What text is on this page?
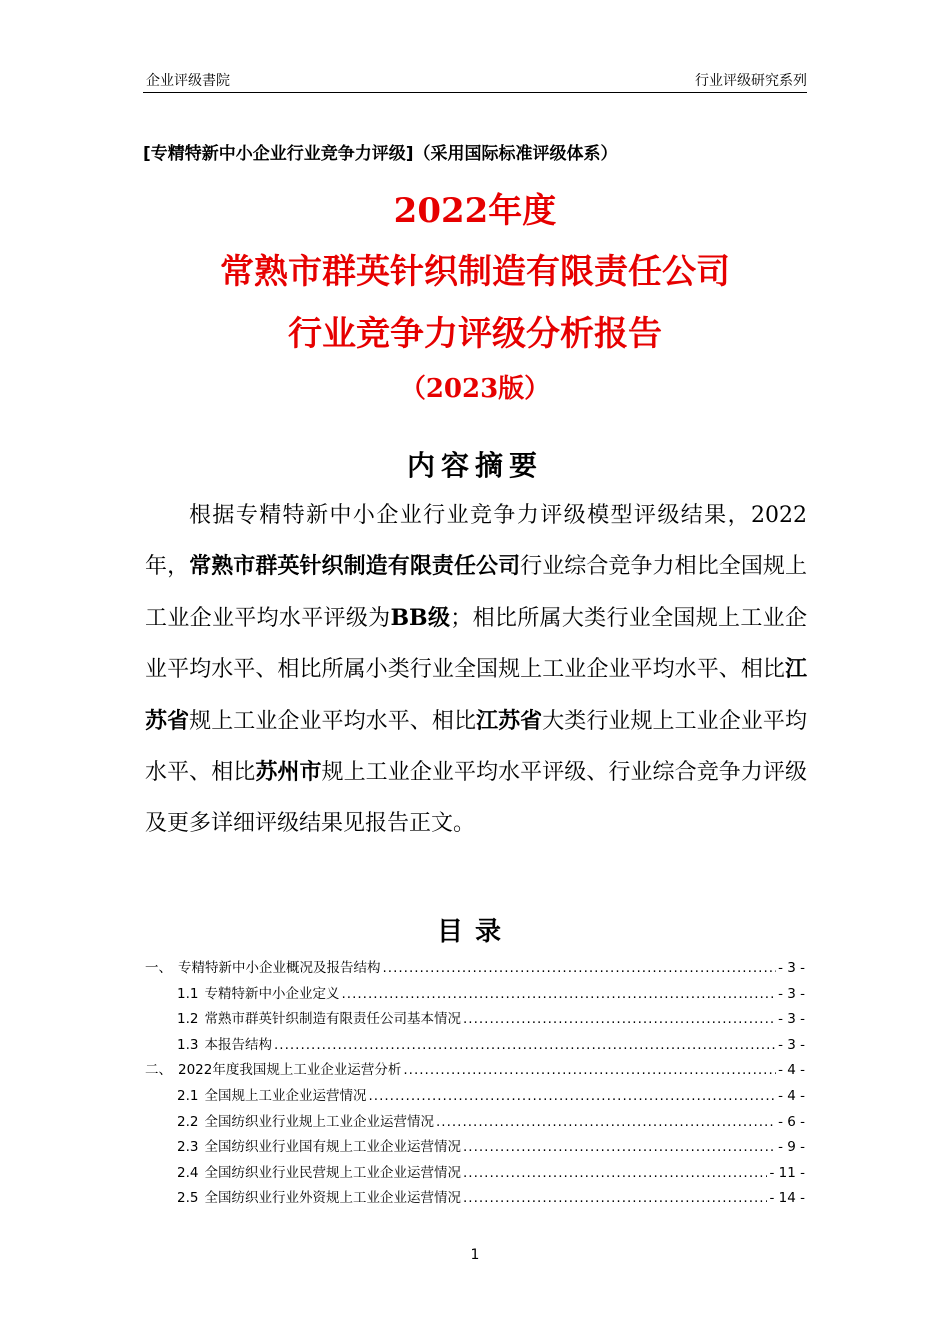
企业评级書院	行业评级研究系列
[专精特新中小企业行业竞争力评级]（采用国际标准评级体系）
2022年度
常熟市群英针织制造有限责任公司
行业竞争力评级分析报告
（2023版）
内容摘要
根据专精特新中小企业行业竞争力评级模型评级结果，2022年，常熟市群英针织制造有限责任公司行业综合竞争力相比全国规上工业企业平均水平评级为BB级；相比所属大类行业全国规上工业企业平均水平、相比所属小类行业全国规上工业企业平均水平、相比江苏省规上工业企业平均水平、相比江苏省大类行业规上工业企业平均水平、相比苏州市规上工业企业平均水平评级、行业综合竞争力评级及更多详细评级结果见报告正文。
目录
一、 专精特新中小企业概况及报告结构 .....	- 3 -
1.1 专精特新中小企业定义 .....	- 3 -
1.2 常熟市群英针织制造有限责任公司基本情况 .....	- 3 -
1.3 本报告结构 .....	- 3 -
二、 2022年度我国规上工业企业运营分析 .....	- 4 -
2.1 全国规上工业企业运营情况 .....	- 4 -
2.2 全国纺织业行业规上工业企业运营情况 .....	- 6 -
2.3 全国纺织业行业国有规上工业企业运营情况 .....	- 9 -
2.4 全国纺织业行业民营规上工业企业运营情况 .....	- 11 -
2.5 全国纺织业行业外资规上工业企业运营情况 .....	- 14 -
1
